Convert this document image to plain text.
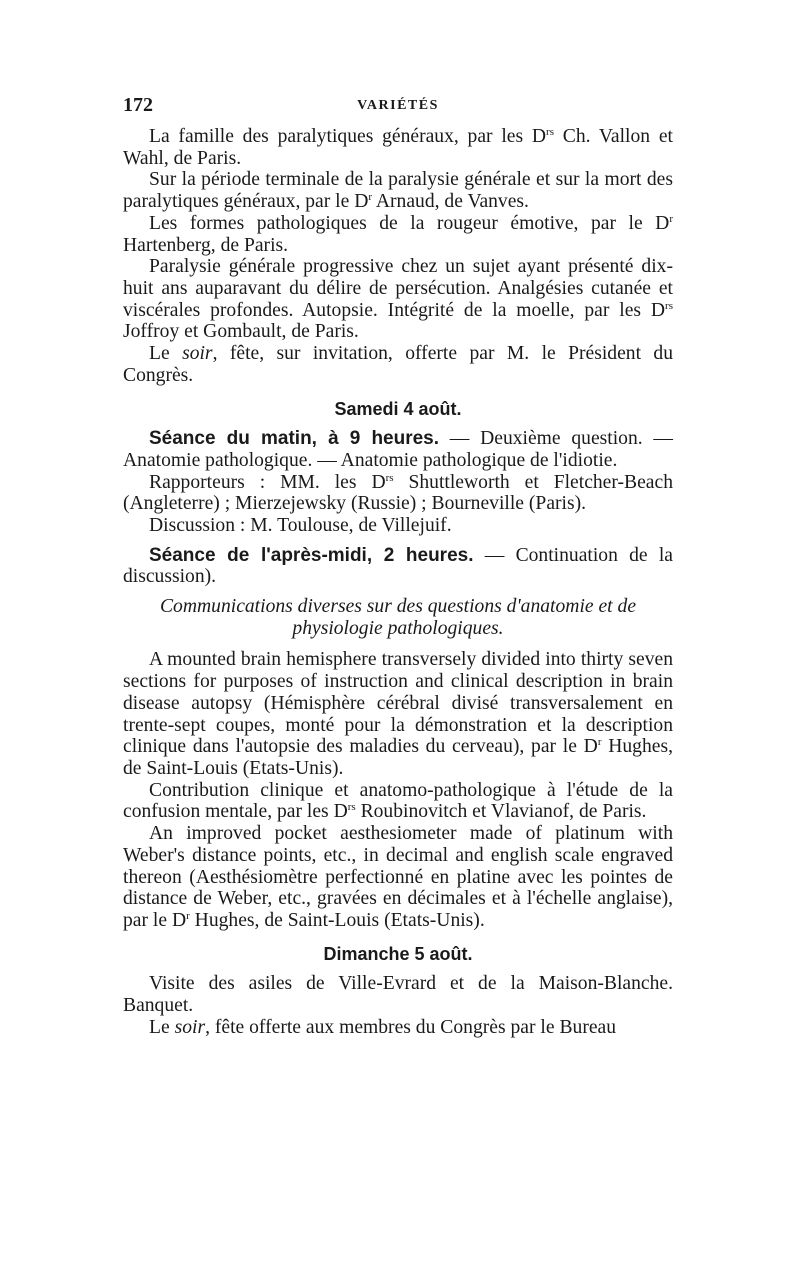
172	VARIÉTÉS

La famille des paralytiques généraux, par les $D^{rs}$ Ch. Vallon et Wahl, de Paris.

Sur la période terminale de la paralysie générale et sur la mort des paralytiques généraux, par le $D^r$ Arnaud, de Vanves.

Les formes pathologiques de la rougeur émotive, par le $D^r$ Hartenberg, de Paris.

Paralysie générale progressive chez un sujet ayant présenté dix-huit ans auparavant du délire de persécution. Analgésies cutanée et viscérales profondes. Autopsie. Intégrité de la moelle, par les $D^{rs}$ Joffroy et Gombault, de Paris.

Le soir, fête, sur invitation, offerte par M. le Président du Congrès.

Samedi 4 août.

Séance du matin, à 9 heures. — Deuxième question. — Anatomie pathologique. — Anatomie pathologique de l'idiotie.

Rapporteurs : MM. les $D^{rs}$ Shuttleworth et Fletcher-Beach (Angleterre) ; Mierzejewsky (Russie) ; Bourneville (Paris).

Discussion : M. Toulouse, de Villejuif.

Séance de l'après-midi, 2 heures. — Continuation de la discussion).

Communications diverses sur des questions d'anatomie et de
physiologie pathologiques.

A mounted brain hemisphere transversely divided into thirty seven sections for purposes of instruction and clinical description in brain disease autopsy (Hémisphère cérébral divisé transversalement en trente-sept coupes, monté pour la démonstration et la description clinique dans l'autopsie des maladies du cerveau), par le $D^r$ Hughes, de Saint-Louis (Etats-Unis).

Contribution clinique et anatomo-pathologique à l'étude de la confusion mentale, par les $D^{rs}$ Roubinovitch et Vlavianof, de Paris.

An improved pocket aesthesiometer made of platinum with Weber's distance points, etc., in decimal and english scale engraved thereon (Aesthésiomètre perfectionné en platine avec les pointes de distance de Weber, etc., gravées en décimales et à l'échelle anglaise), par le $D^r$ Hughes, de Saint-Louis (Etats-Unis).

Dimanche 5 août.

Visite des asiles de Ville-Evrard et de la Maison-Blanche. Banquet.

Le soir, fête offerte aux membres du Congrès par le Bureau
